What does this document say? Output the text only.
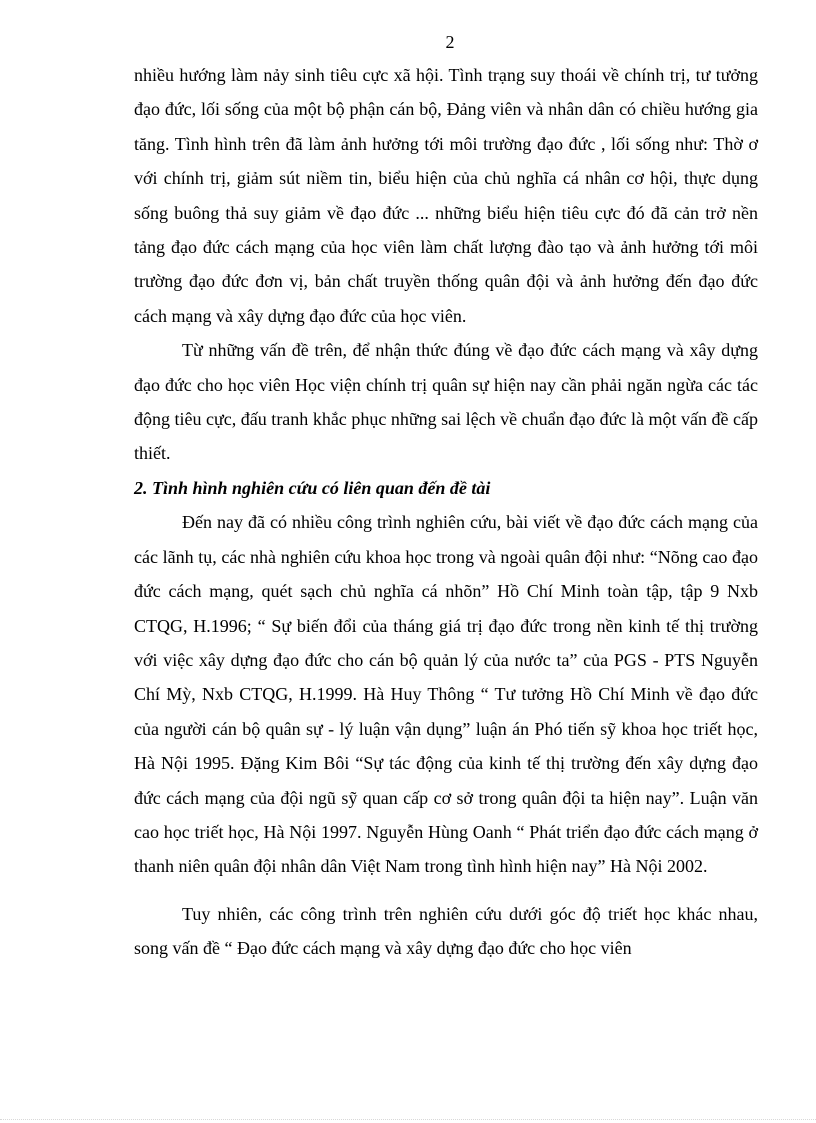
2

nhiều hướng làm nảy sinh tiêu cực xã hội. Tình trạng suy thoái về chính trị, tư tưởng đạo đức, lối sống của một bộ phận cán bộ, Đảng viên và nhân dân có chiều hướng gia tăng. Tình hình trên đã làm ảnh hưởng tới môi trường đạo đức , lối sống như: Thờ ơ với chính trị, giảm sút niềm tin, biểu hiện của chủ nghĩa cá nhân cơ hội, thực dụng sống buông thả suy giảm về đạo đức ... những biểu hiện tiêu cực đó đã cản trở nền tảng đạo đức cách mạng của học viên làm chất lượng đào tạo và ảnh hưởng tới môi trường đạo đức đơn vị, bản chất truyền thống quân đội và ảnh hưởng đến đạo đức cách mạng và xây dựng đạo đức của học viên.

Từ những vấn đề trên, để nhận thức đúng về đạo đức cách mạng và xây dựng đạo đức cho học viên Học viện chính trị quân sự hiện nay cần phải ngăn ngừa các tác động tiêu cực, đấu tranh khắc phục những sai lệch về chuẩn đạo đức là một vấn đề cấp thiết.

2. Tình hình nghiên cứu có liên quan đến đề tài

Đến nay đã có nhiều công trình nghiên cứu, bài viết về đạo đức cách mạng của các lãnh tụ, các nhà nghiên cứu khoa học trong và ngoài quân đội như: “Nõng cao đạo đức cách mạng, quét sạch chủ nghĩa cá nhõn” Hồ Chí Minh toàn tập, tập 9 Nxb CTQG, H.1996; “ Sự biến đổi của tháng giá trị đạo đức trong nền kinh tế thị trường với việc xây dựng đạo đức cho cán bộ quản lý của nước ta” của PGS - PTS Nguyễn Chí Mỳ, Nxb CTQG, H.1999. Hà Huy Thông “ Tư tưởng Hồ Chí Minh về đạo đức của người cán bộ quân sự - lý luận vận dụng” luận án Phó tiến sỹ khoa học triết học, Hà Nội 1995. Đặng Kim Bôi “Sự tác động của kinh tế thị trường đến xây dựng đạo đức cách mạng của đội ngũ sỹ quan cấp cơ sở trong quân đội ta hiện nay”. Luận văn cao học triết học, Hà Nội 1997. Nguyễn Hùng Oanh “ Phát triển đạo đức cách mạng ở thanh niên quân đội nhân dân Việt Nam trong tình hình hiện nay” Hà Nội 2002.

Tuy nhiên, các công trình trên nghiên cứu dưới góc độ triết học khác nhau, song vấn đề “ Đạo đức cách mạng và xây dựng đạo đức cho học viên
